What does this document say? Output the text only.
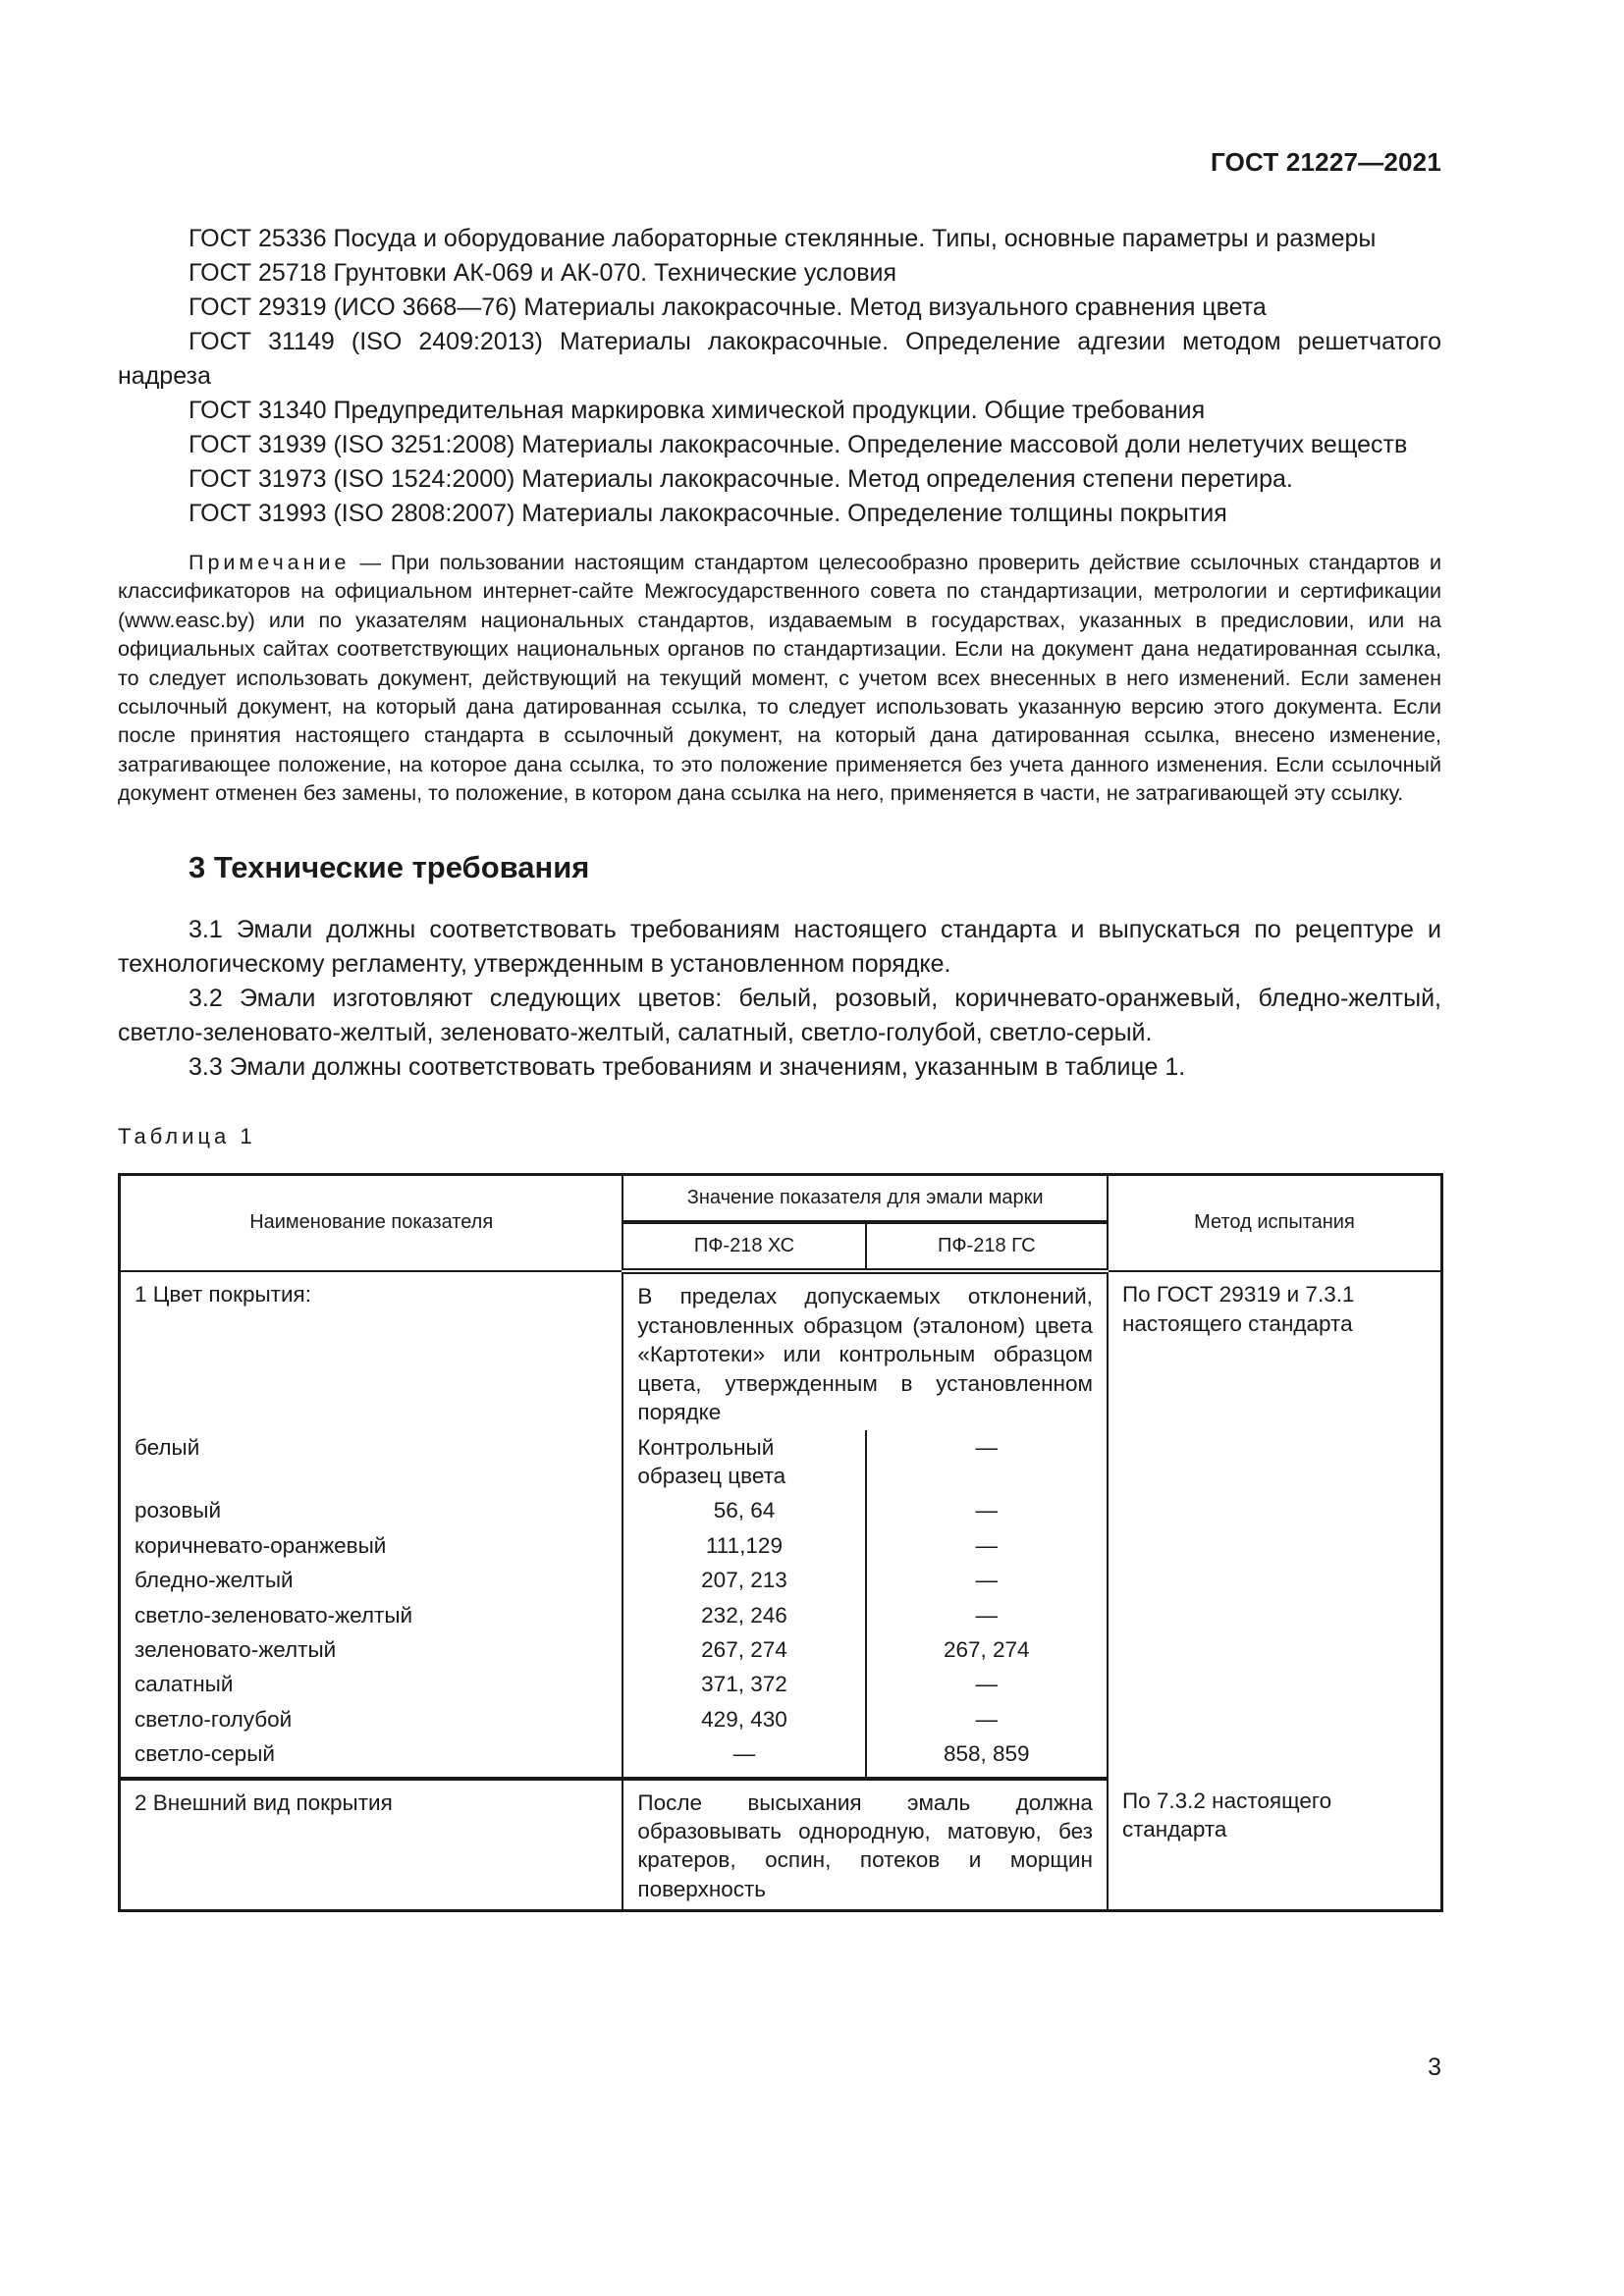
ГОСТ 21227—2021

ГОСТ 25336 Посуда и оборудование лабораторные стеклянные. Типы, основные параметры и размеры

ГОСТ 25718 Грунтовки АК-069 и АК-070. Технические условия

ГОСТ 29319 (ИСО 3668—76) Материалы лакокрасочные. Метод визуального сравнения цвета

ГОСТ 31149 (ISO 2409:2013) Материалы лакокрасочные. Определение адгезии методом решетчатого надреза

ГОСТ 31340 Предупредительная маркировка химической продукции. Общие требования

ГОСТ 31939 (ISO 3251:2008) Материалы лакокрасочные. Определение массовой доли нелетучих веществ

ГОСТ 31973 (ISO 1524:2000) Материалы лакокрасочные. Метод определения степени перетира.

ГОСТ 31993 (ISO 2808:2007) Материалы лакокрасочные. Определение толщины покрытия

Примечание — При пользовании настоящим стандартом целесообразно проверить действие ссылочных стандартов и классификаторов на официальном интернет-сайте Межгосударственного совета по стандартизации, метрологии и сертификации (www.easc.by) или по указателям национальных стандартов, издаваемым в государствах, указанных в предисловии, или на официальных сайтах соответствующих национальных органов по стандартизации. Если на документ дана недатированная ссылка, то следует использовать документ, действующий на текущий момент, с учетом всех внесенных в него изменений. Если заменен ссылочный документ, на который дана датированная ссылка, то следует использовать указанную версию этого документа. Если после принятия настоящего стандарта в ссылочный документ, на который дана датированная ссылка, внесено изменение, затрагивающее положение, на которое дана ссылка, то это положение применяется без учета данного изменения. Если ссылочный документ отменен без замены, то положение, в котором дана ссылка на него, применяется в части, не затрагивающей эту ссылку.

3 Технические требования

3.1 Эмали должны соответствовать требованиям настоящего стандарта и выпускаться по рецептуре и технологическому регламенту, утвержденным в установленном порядке.

3.2 Эмали изготовляют следующих цветов: белый, розовый, коричневато-оранжевый, бледно-желтый, светло-зеленовато-желтый, зеленовато-желтый, салатный, светло-голубой, светло-серый.

3.3 Эмали должны соответствовать требованиям и значениям, указанным в таблице 1.

Таблица 1
Наименование показателя	Значение показателя для эмали марки		Метод испытания
	ПФ-218 ХС	ПФ-218 ГС	
1 Цвет покрытия:	В пределах допускаемых отклонений, установленных образцом (эталоном) цвета «Картотеки» или контрольным образцом цвета, утвержденным в установленном порядке		По ГОСТ 29319 и 7.3.1 настоящего стандарта
белый	Контрольный образец цвета	—	
розовый	56, 64	—	
коричневато-оранжевый	111,129	—	
бледно-желтый	207, 213	—	
светло-зеленовато-желтый	232, 246	—	
зеленовато-желтый	267, 274	267, 274	
салатный	371, 372	—	
светло-голубой	429, 430	—	
светло-серый	—	858, 859	
2 Внешний вид покрытия	После высыхания эмаль должна образовывать однородную, матовую, без кратеров, оспин, потеков и морщин поверхность		По 7.3.2 настоящего стандарта
3
